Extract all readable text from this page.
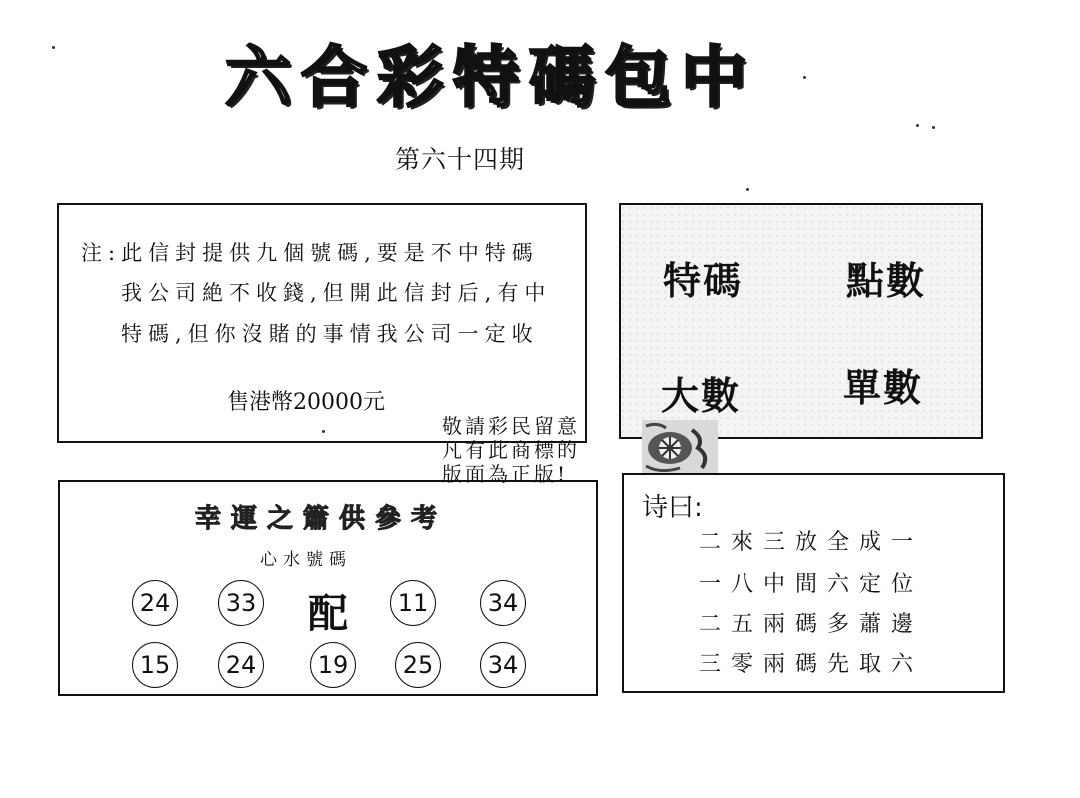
六合彩特碼包中
第六十四期
注:此信封提供九個號碼,要是不中特碼
我公司絶不收錢,但開此信封后,有中
特碼,但你沒賭的事情我公司一定收
售港幣20000元
特碼	點數
大數	單數
敬請彩民留意
凡有此商標的
版面為正版!
幸運之簫供參考
心水號碼
24	33 配	11	34
15	24	19	25	34
诗曰:
二來三放全成一
一八中間六定位
二五兩碼多蕭邊
三零兩碼先取六
